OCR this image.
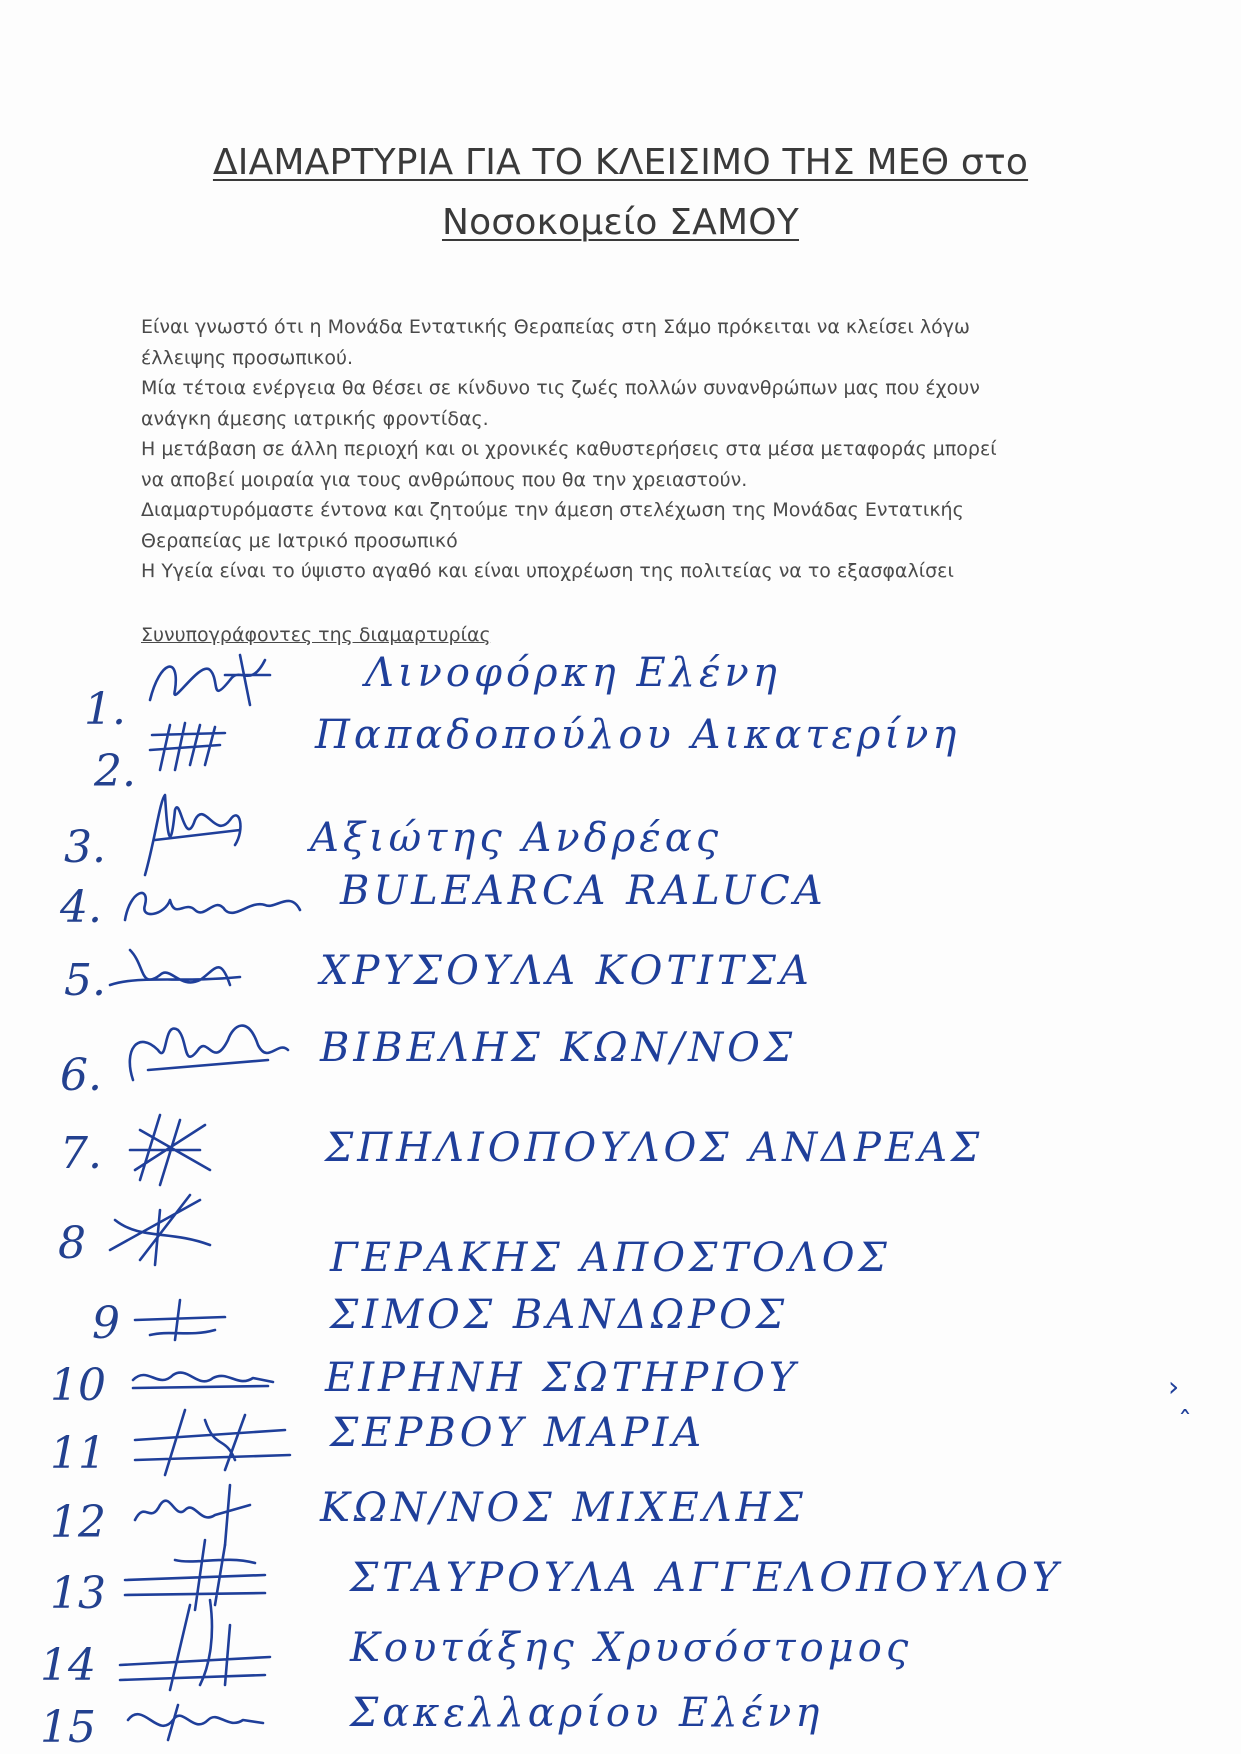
ΔΙΑΜΑΡΤΥΡΙΑ ΓΙΑ ΤΟ ΚΛΕΙΣΙΜΟ ΤΗΣ ΜΕΘ στο
Νοσοκομείο ΣΑΜΟΥ
Είναι γνωστό ότι η Μονάδα Εντατικής Θεραπείας στη Σάμο πρόκειται να κλείσει λόγω
έλλειψης προσωπικού.
Μία τέτοια ενέργεια θα θέσει σε κίνδυνο τις ζωές πολλών συνανθρώπων μας που έχουν
ανάγκη άμεσης ιατρικής φροντίδας.
Η μετάβαση σε άλλη περιοχή και οι χρονικές καθυστερήσεις στα μέσα μεταφοράς μπορεί
να αποβεί μοιραία για τους ανθρώπους που θα την χρειαστούν.
Διαμαρτυρόμαστε έντονα και ζητούμε την άμεση στελέχωση της Μονάδας Εντατικής
Θεραπείας με Ιατρικό προσωπικό
Η Υγεία είναι το ύψιστο αγαθό και είναι υποχρέωση της πολιτείας να το εξασφαλίσει
Συνυπογράφοντες της διαμαρτυρίας
1.
Λινοφόρκη Ελένη
2.
Παπαδοπούλου Αικατερίνη
3.	Αξιώτης Ανδρέας
4.	BULEARCA RALUCA
5.	ΧΡΥΣΟΥΛΑ ΚΟΤΙΤΣΑ
6.
ΒΙΒΕΛΗΣ ΚΩΝ/ΝΟΣ
7.	ΣΠΗΛΙΟΠΟΥΛΟΣ ΑΝΔΡΕΑΣ
8	ΓΕΡΑΚΗΣ ΑΠΟΣΤΟΛΟΣ
9	ΣΙΜΟΣ ΒΑΝΔΩΡΟΣ
10	ΕΙΡΗΝΗ ΣΩΤΗΡΙΟΥ
11	ΣΕΡΒΟΥ ΜΑΡΙΑ
12	ΚΩΝ/ΝΟΣ ΜΙΧΕΛΗΣ
13	ΣΤΑΥΡΟΥΛΑ ΑΓΓΕΛΟΠΟΥΛΟΥ
14	Κουτάξης Χρυσόστομος
15	Σακελλαρίου Ελένη
›
ˆ
